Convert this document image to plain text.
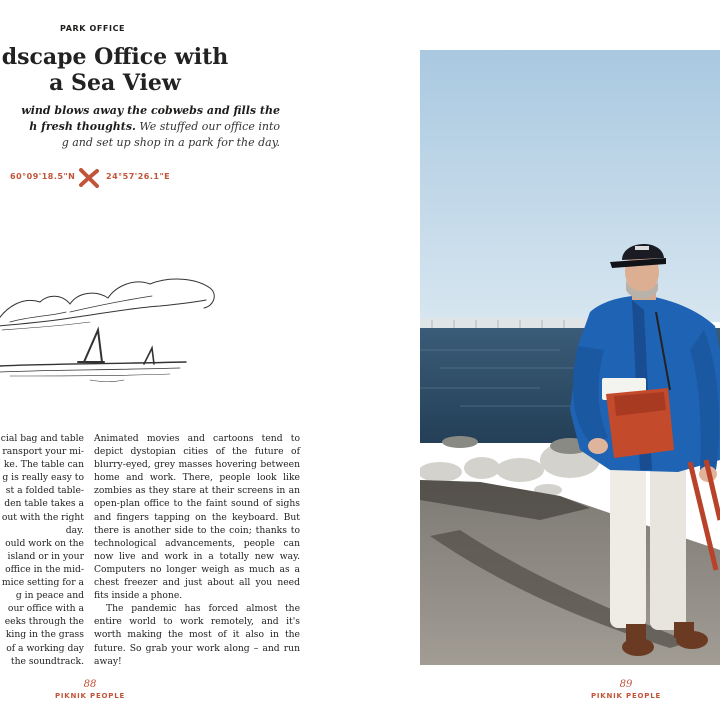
PARK OFFICE
dscape Office with
a Sea View
wind blows away the cobwebs and fills the
h fresh thoughts. We stuffed our office into
g and set up shop in a park for the day.
60°09'18.5"N	24°57'26.1"E
cial bag and table
ransport your mi-
ke. The table can
g is really easy to
st a folded table-
den table takes a
out with the right
day.
ould work on the
island or in your
office in the mid-
mice setting for a
g in peace and
our office with a
eeks through the
king in the grass
of a working day
the soundtrack.

Animated movies and cartoons tend to depict dystopian cities of the future of blurry-eyed, grey masses hovering between home and work. There, people look like zombies as they stare at their screens in an open-plan office to the faint sound of sighs and fingers tapping on the keyboard. But there is another side to the coin; thanks to technological advancements, people can now live and work in a totally new way. Computers no longer weigh as much as a chest freezer and just about all you need fits inside a phone.

The pandemic has forced almost the entire world to work remotely, and it's worth making the most of it also in the future. So grab your work along – and run away!

88
PIKNIK PEOPLE
89
PIKNIK PEOPLE
